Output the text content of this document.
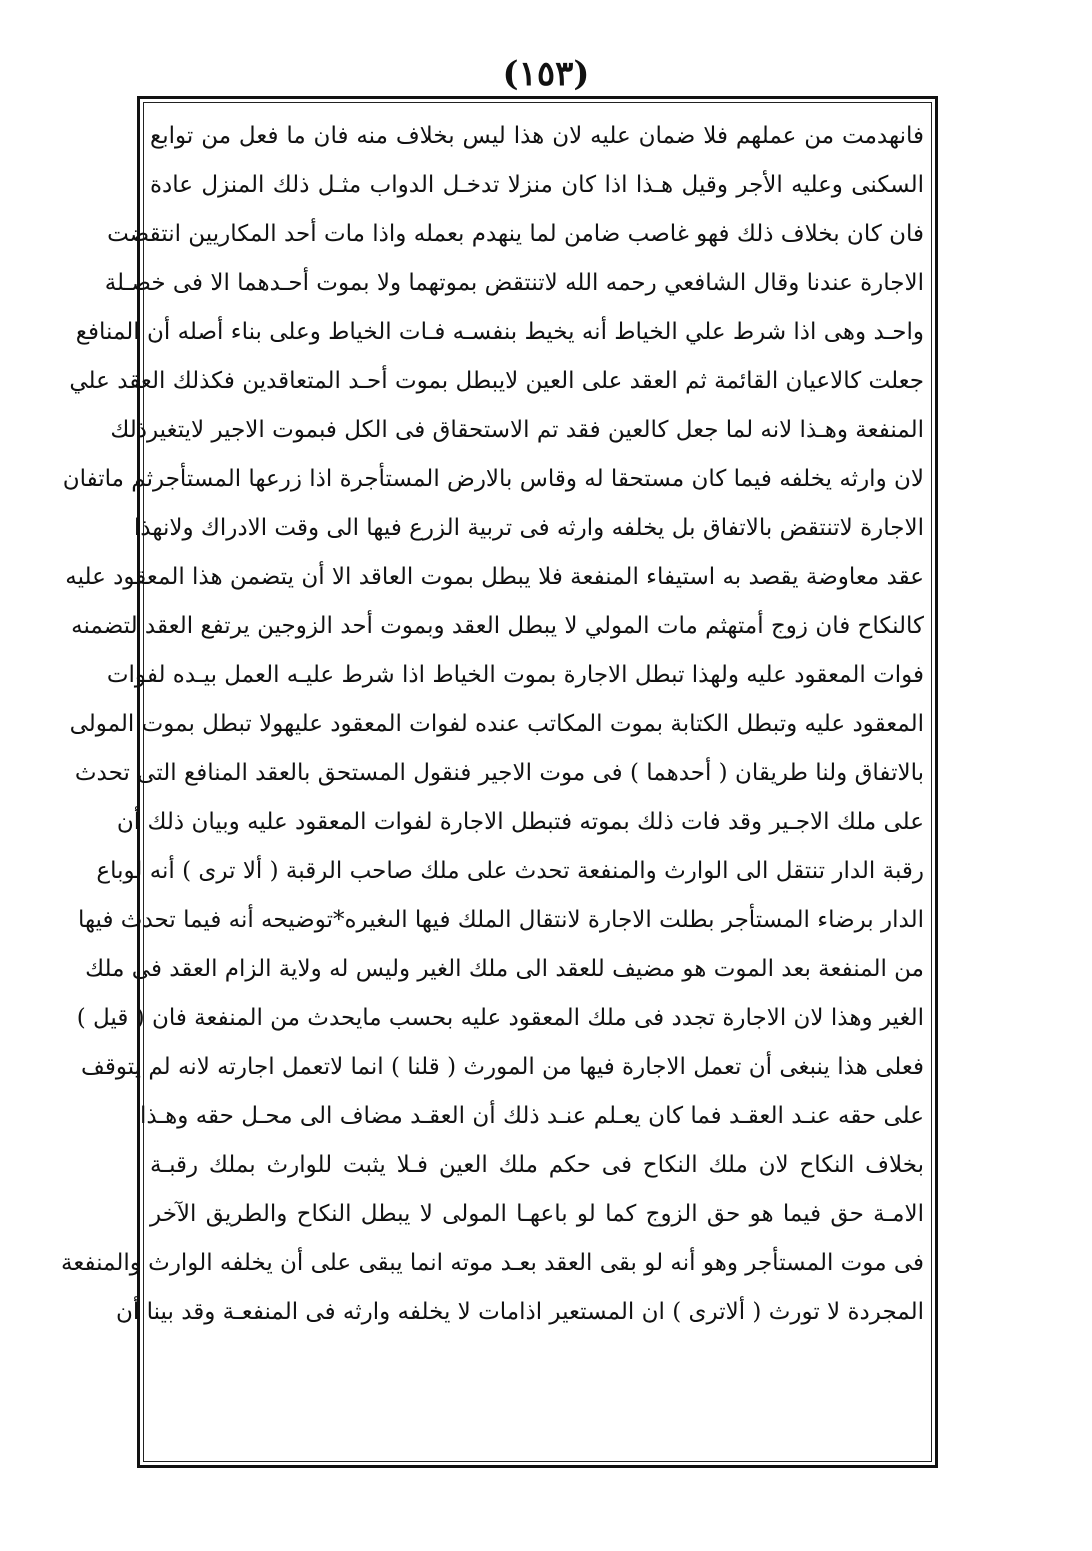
(١٥٣)
فانهدمت من عملهم فلا ضمان عليه لان هذا ليس بخلاف منه فان ما فعل من توابع
السكنى وعليه الأجر وقيل هـذا اذا كان منزلا تدخـل الدواب مثـل ذلك المنزل عادة
فان كان بخلاف ذلك فهو غاصب ضامن لما ينهدم بعمله واذا مات أحد المكاريين انتقضت
الاجارة عندنا وقال الشافعي رحمه الله لاتنتقض بموتهما ولا بموت أحـدهما الا فى خصـلة
واحـد وهى اذا شرط علي الخياط أنه يخيط بنفسـه فـات الخياط وعلى بناء أصله أن المنافع
جعلت كالاعيان القائمة ثم العقد على العين لايبطل بموت أحـد المتعاقدين فكذلك العقد علي
المنفعة وهـذا لانه لما جعل كالعين فقد تم الاستحقاق فى الكل فبموت الاجير لايتغيرذلك
لان وارثه يخلفه فيما كان مستحقا له وقاس بالارض المستأجرة اذا زرعها المستأجرثم ماتفان
الاجارة لاتنتقض بالاتفاق بل يخلفه وارثه فى تربية الزرع فيها الى وقت الادراك ولانهذا
عقد معاوضة يقصد به استيفاء المنفعة فلا يبطل بموت العاقد الا أن يتضمن هذا المعقود عليه
كالنكاح فان زوج أمتهثم مات المولي لا يبطل العقد وبموت أحد الزوجين يرتفع العقد لتضمنه
فوات المعقود عليه ولهذا تبطل الاجارة بموت الخياط اذا شرط عليـه العمل بيـده لفوات
المعقود عليه وتبطل الكتابة بموت المكاتب عنده لفوات المعقود عليهولا تبطل بموت المولى
بالاتفاق ولنا طريقان ( أحدهما ) فى موت الاجير فنقول المستحق بالعقد المنافع التى تحدث
على ملك الاجـير وقد فات ذلك بموته فتبطل الاجارة لفوات المعقود عليه وبيان ذلك أن
رقبة الدار تنتقل الى الوارث والمنفعة تحدث على ملك صاحب الرقبة ( ألا ترى ) أنه لوباع
الدار برضاء المستأجر بطلت الاجارة لانتقال الملك فيها الىغيره*توضيحه أنه فيما تحدث فيها
من المنفعة بعد الموت هو مضيف للعقد الى ملك الغير وليس له ولاية الزام العقد فى ملك
الغير وهذا لان الاجارة تجدد فى ملك المعقود عليه بحسب مايحدث من المنفعة فان ( قيل )
فعلى هذا ينبغى أن تعمل الاجارة فيها من المورث ( قلنا ) انما لاتعمل اجارته لانه لم يتوقف
على حقه عنـد العقـد فما كان يعـلم عنـد ذلك أن العقـد مضاف الى محـل حقه وهـذا
بخلاف النكاح لان ملك النكاح فى حكم ملك العين فـلا يثبت للوارث بملك رقبـة
الامـة حق فيما هو حق الزوج كما لو باعهـا المولى لا يبطل النكاح والطريق الآخر
فى موت المستأجر وهو أنه لو بقى العقد بعـد موته انما يبقى على أن يخلفه الوارث والمنفعة
المجردة لا تورث ( ألاترى ) ان المستعير اذامات لا يخلفه وارثه فى المنفعـة وقد بينا أن
